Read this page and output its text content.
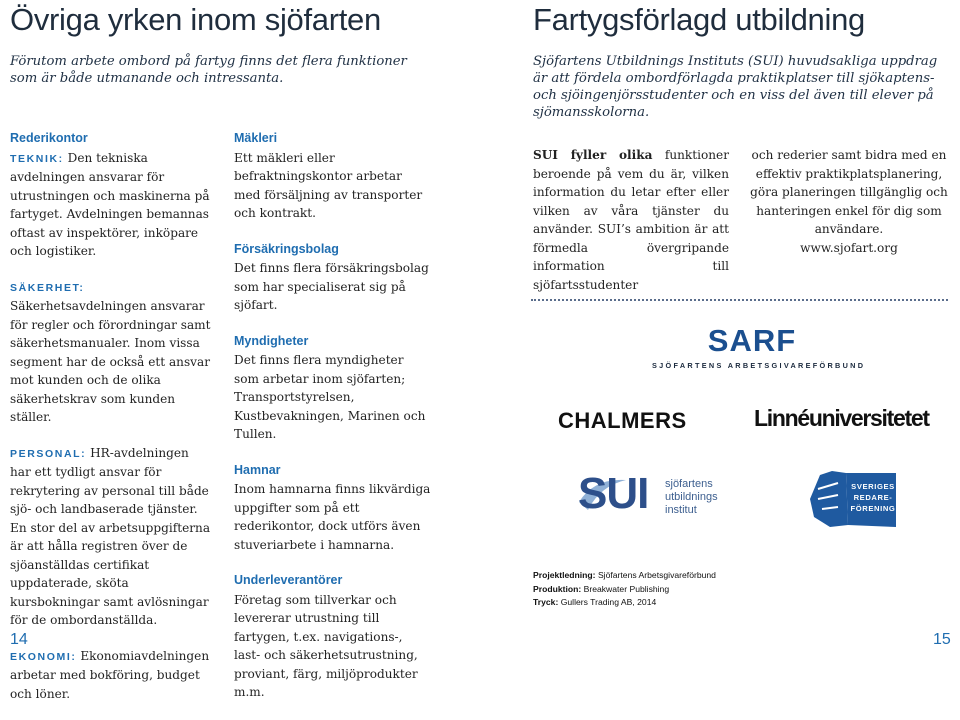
Övriga yrken inom sjöfarten

Förutom arbete ombord på fartyg finns det flera funktioner som är både utmanande och intressanta.

Rederikontor

TEKNIK: Den tekniska avdelningen ansvarar för utrustningen och maskinerna på fartyget. Avdelningen bemannas oftast av inspektörer, inköpare och logistiker.

SÄKERHET: Säkerhetsavdelningen ansvarar för regler och förordningar samt säkerhetsmanualer. Inom vissa segment har de också ett ansvar mot kunden och de olika säkerhetskrav som kunden ställer.

PERSONAL: HR-avdelningen har ett tydligt ansvar för rekrytering av personal till både sjö- och landbaserade tjänster. En stor del av arbetsuppgifterna är att hålla registren över de sjöanställdas certifikat uppdaterade, sköta kursbokningar samt avlösningar för de ombordanställda.

EKONOMI: Ekonomiavdelningen arbetar med bokföring, budget och löner.

Mäkleri

Ett mäkleri eller befraktningskontor arbetar med försäljning av transporter och kontrakt.

Försäkringsbolag

Det finns flera försäkringsbolag som har specialiserat sig på sjöfart.

Myndigheter

Det finns flera myndigheter som arbetar inom sjöfarten; Transportstyrelsen, Kustbevakningen, Marinen och Tullen.

Hamnar

Inom hamnarna finns likvärdiga uppgifter som på ett rederikontor, dock utförs även stuveriarbete i hamnarna.

Underleverantörer

Företag som tillverkar och levererar utrustning till fartygen, t.ex. navigations-, last- och säkerhetsutrustning, proviant, färg, miljöprodukter m.m.

14
Fartygsförlagd utbildning

Sjöfartens Utbildnings Instituts (SUI) huvudsakliga uppdrag är att fördela ombordförlagda praktikplatser till sjökaptens- och sjöingenjörsstudenter och en viss del även till elever på sjömansskolorna.

SUI fyller olika funktioner beroende på vem du är, vilken information du letar efter eller vilken av våra tjänster du använder. SUI’s ambition är att förmedla övergripande information till sjöfartsstudenter

och rederier samt bidra med en effektiv praktikplatsplanering, göra planeringen tillgänglig och hanteringen enkel för dig som användare.

www.sjofart.org

SARF
SJÖFARTENS ARBETSGIVAREFÖRBUND
CHALMERS	Linnéuniversitetet
SUI sjöfartens
utbildnings
institut
SVERIGES
REDARE-
FÖRENING
Projektledning: Sjöfartens Arbetsgivareförbund
Produktion: Breakwater Publishing
Tryck: Gullers Trading AB, 2014
15
